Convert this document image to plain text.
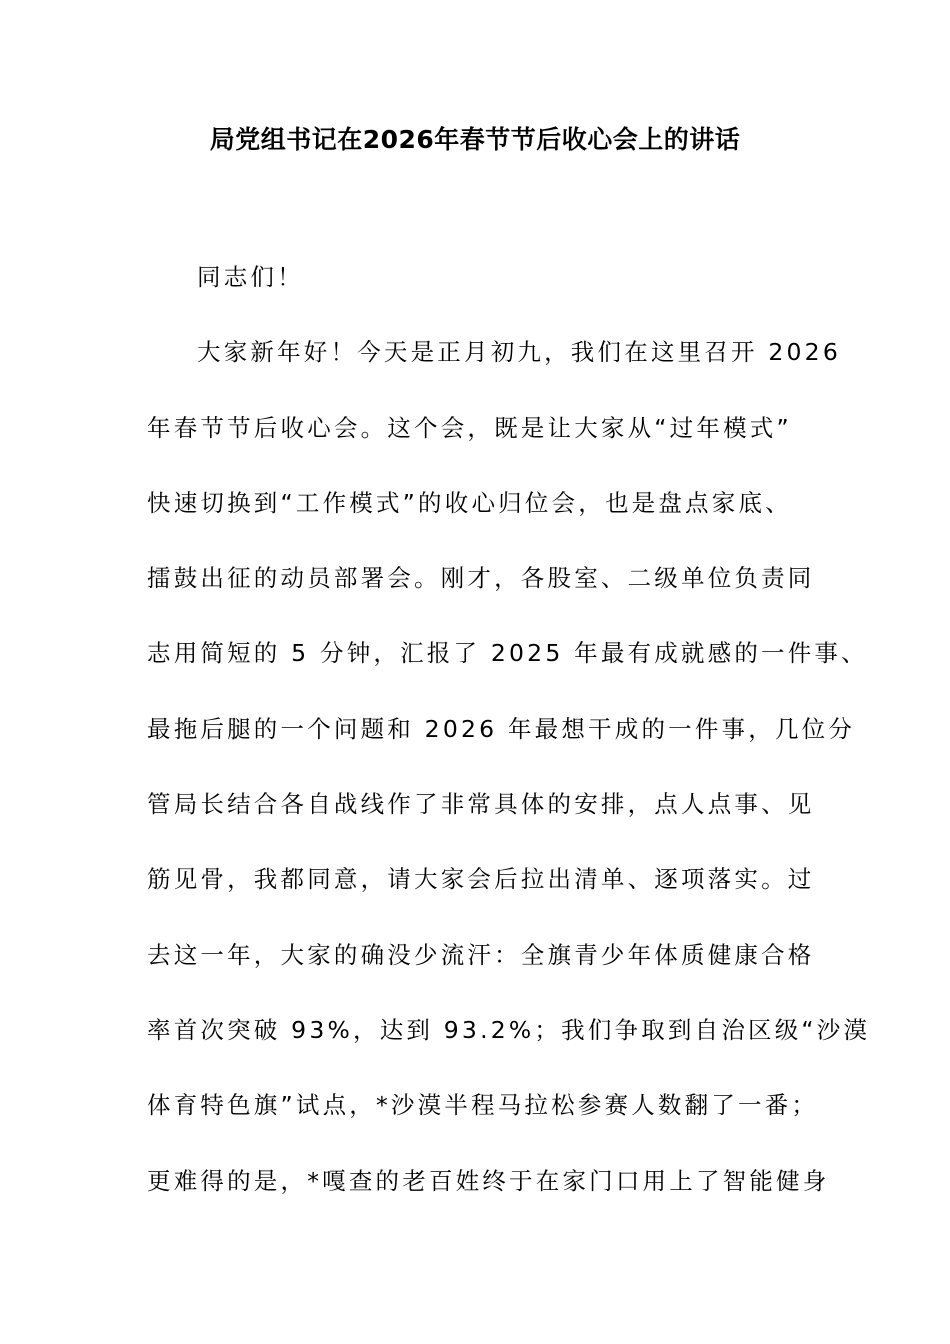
局党组书记在2026年春节节后收心会上的讲话
同志们！
大家新年好！今天是正月初九，我们在这里召开 2026
年春节节后收心会。这个会，既是让大家从“过年模式”
快速切换到“工作模式”的收心归位会，也是盘点家底、
擂鼓出征的动员部署会。刚才，各股室、二级单位负责同
志用简短的 5 分钟，汇报了 2025 年最有成就感的一件事、
最拖后腿的一个问题和 2026 年最想干成的一件事，几位分
管局长结合各自战线作了非常具体的安排，点人点事、见
筋见骨，我都同意，请大家会后拉出清单、逐项落实。过
去这一年，大家的确没少流汗：全旗青少年体质健康合格
率首次突破 93%，达到 93.2%；我们争取到自治区级“沙漠
体育特色旗”试点，*沙漠半程马拉松参赛人数翻了一番；
更难得的是，*嘎查的老百姓终于在家门口用上了智能健身
